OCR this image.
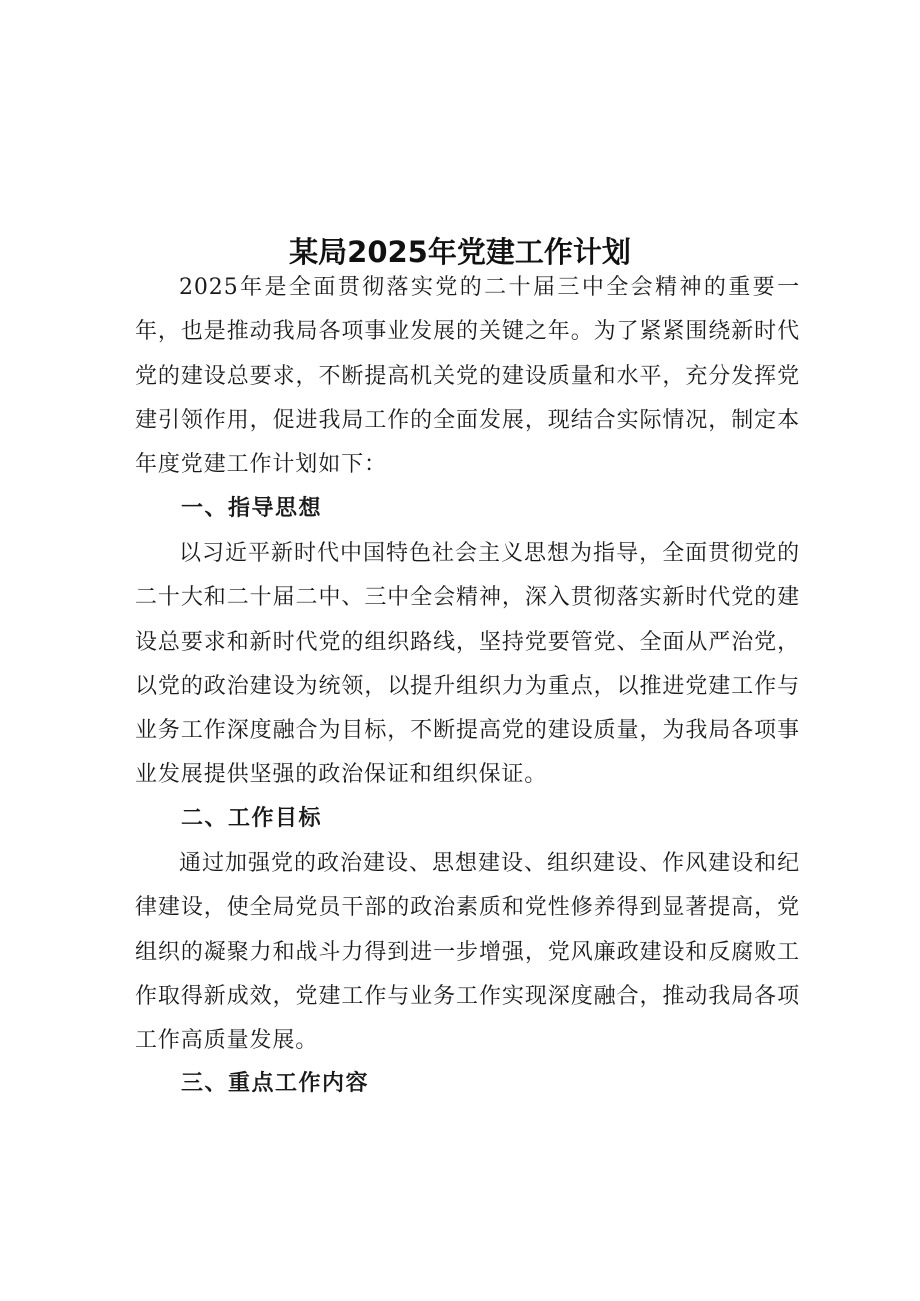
某局2025年党建工作计划

2025年是全面贯彻落实党的二十届三中全会精神的重要一年，也是推动我局各项事业发展的关键之年。为了紧紧围绕新时代党的建设总要求，不断提高机关党的建设质量和水平，充分发挥党建引领作用，促进我局工作的全面发展，现结合实际情况，制定本年度党建工作计划如下：

一、指导思想

以习近平新时代中国特色社会主义思想为指导，全面贯彻党的二十大和二十届二中、三中全会精神，深入贯彻落实新时代党的建设总要求和新时代党的组织路线，坚持党要管党、全面从严治党，以党的政治建设为统领，以提升组织力为重点，以推进党建工作与业务工作深度融合为目标，不断提高党的建设质量，为我局各项事业发展提供坚强的政治保证和组织保证。

二、工作目标

通过加强党的政治建设、思想建设、组织建设、作风建设和纪律建设，使全局党员干部的政治素质和党性修养得到显著提高，党组织的凝聚力和战斗力得到进一步增强，党风廉政建设和反腐败工作取得新成效，党建工作与业务工作实现深度融合，推动我局各项工作高质量发展。

三、重点工作内容
